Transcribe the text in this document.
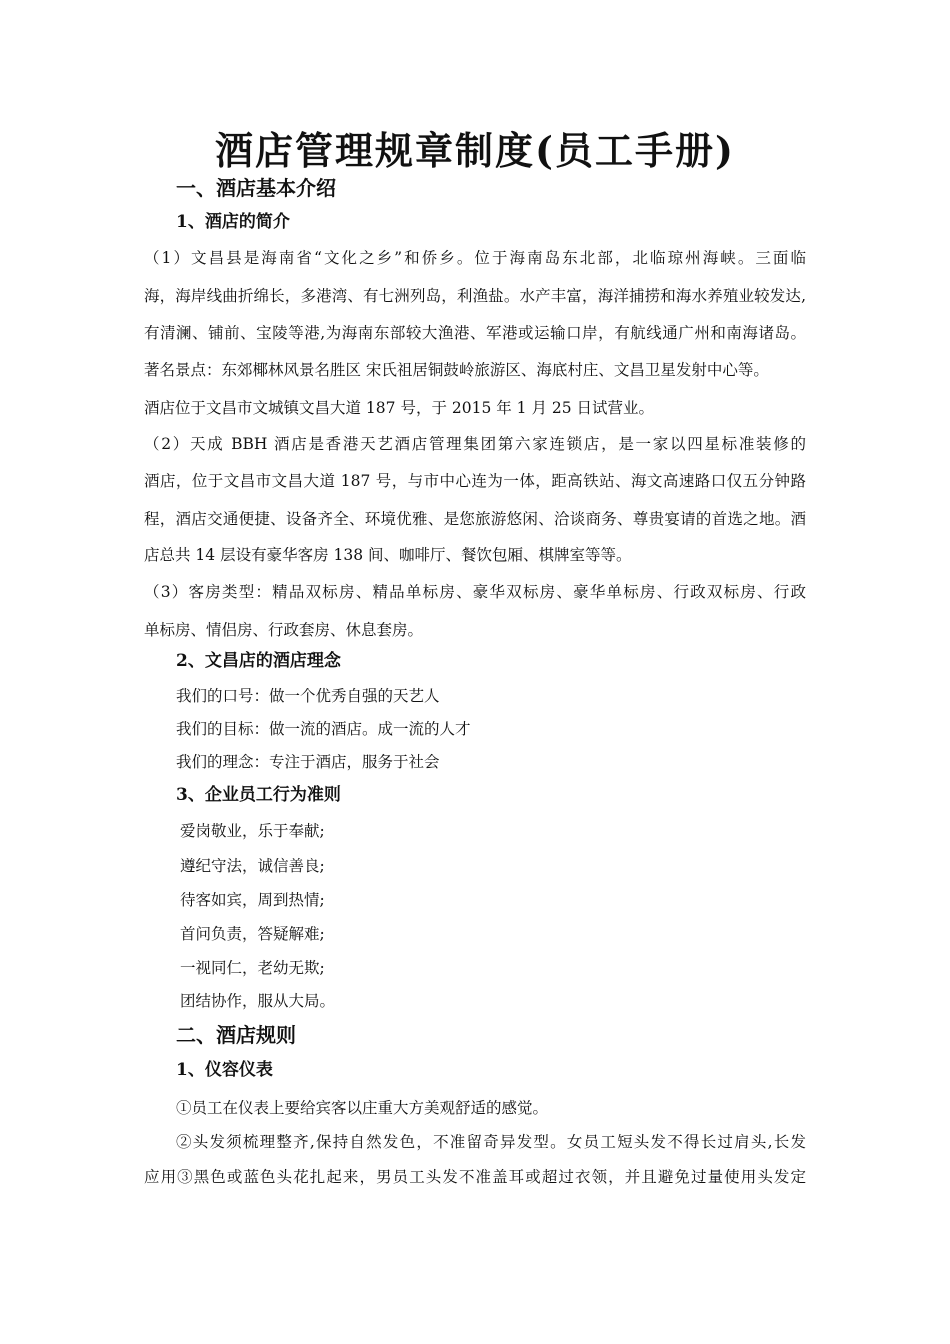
酒店管理规章制度(员工手册)
一、酒店基本介绍
1、酒店的简介
（1）文昌县是海南省“文化之乡”和侨乡。位于海南岛东北部，北临琼州海峡。三面临
海，海岸线曲折绵长，多港湾、有七洲列岛，利渔盐。水产丰富，海洋捕捞和海水养殖业较发达,
有清澜、铺前、宝陵等港,为海南东部较大渔港、军港或运输口岸，有航线通广州和南海诸岛。
著名景点：东郊椰林风景名胜区 宋氏祖居铜鼓岭旅游区、海底村庄、文昌卫星发射中心等。
酒店位于文昌市文城镇文昌大道 187 号，于 2015 年 1 月 25 日试营业。
（2）天成 BBH 酒店是香港天艺酒店管理集团第六家连锁店，是一家以四星标准装修的
酒店，位于文昌市文昌大道 187 号，与市中心连为一体，距高铁站、海文高速路口仅五分钟路
程，酒店交通便捷、设备齐全、环境优雅、是您旅游悠闲、洽谈商务、尊贵宴请的首选之地。酒
店总共 14 层设有豪华客房 138 间、咖啡厅、餐饮包厢、棋牌室等等。
（3）客房类型：精品双标房、精品单标房、豪华双标房、豪华单标房、行政双标房、行政
单标房、情侣房、行政套房、休息套房。
2、文昌店的酒店理念
我们的口号：做一个优秀自强的天艺人
我们的目标：做一流的酒店。成一流的人才
我们的理念：专注于酒店，服务于社会
3、企业员工行为准则
爱岗敬业，乐于奉献;
遵纪守法，诚信善良;
待客如宾，周到热情;
首问负责，答疑解难;
一视同仁，老幼无欺;
团结协作，服从大局。
二、酒店规则
1、仪容仪表
①员工在仪表上要给宾客以庄重大方美观舒适的感觉。
②头发须梳理整齐,保持自然发色，不准留奇异发型。女员工短头发不得长过肩头,长发
应用③黑色或蓝色头花扎起来，男员工头发不准盖耳或超过衣领，并且避免过量使用头发定
